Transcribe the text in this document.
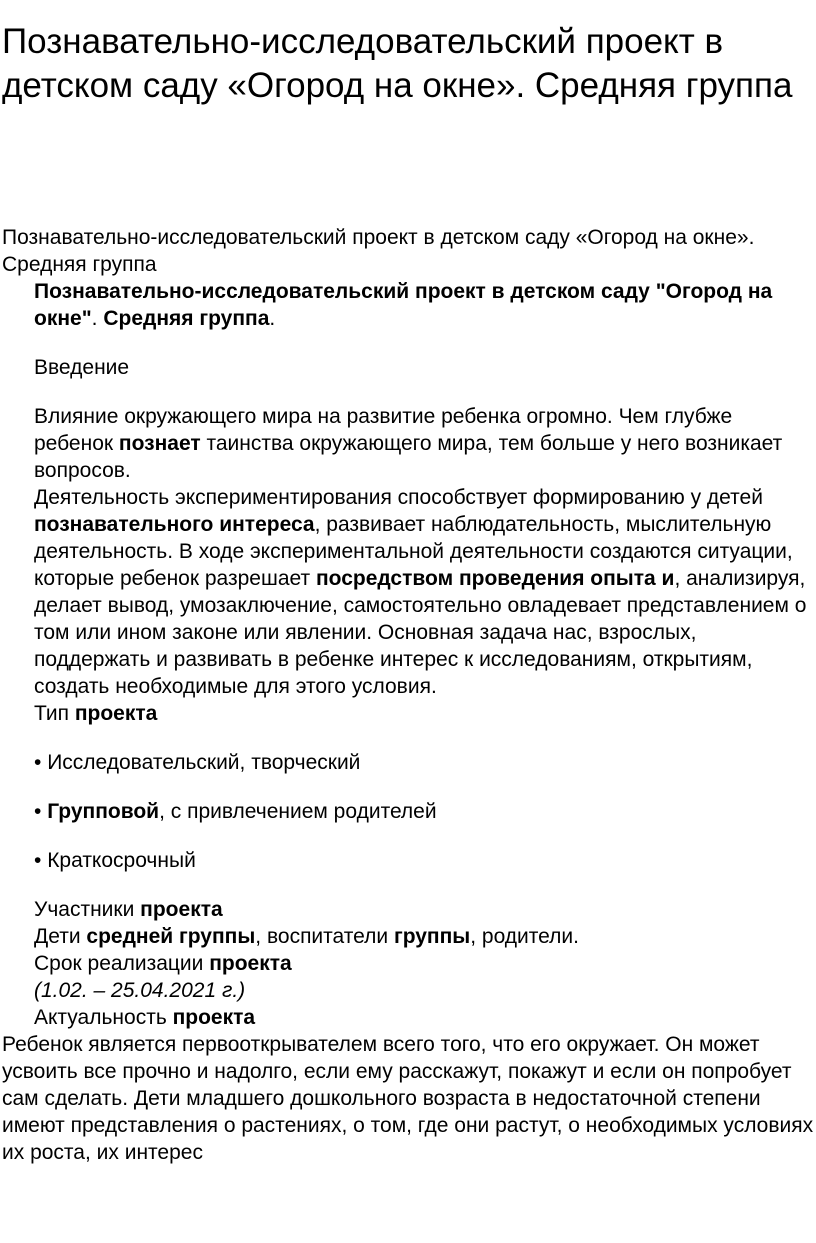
Познавательно-исследовательский проект в детском саду «Огород на окне». Средняя группа

Познавательно-исследовательский проект в детском саду «Огород на окне». Средняя группа

Познавательно-исследовательский проект в детском саду "Огород на окне". Средняя группа.

Введение

Влияние окружающего мира на развитие ребенка огромно. Чем глубже ребенок познает таинства окружающего мира, тем больше у него возникает вопросов.

Деятельность экспериментирования способствует формированию у детей познавательного интереса, развивает наблюдательность, мыслительную деятельность. В ходе экспериментальной деятельности создаются ситуации, которые ребенок разрешает посредством проведения опыта и, анализируя, делает вывод, умозаключение, самостоятельно овладевает представлением о том или ином законе или явлении. Основная задача нас, взрослых, поддержать и развивать в ребенке интерес к исследованиям, открытиям, создать необходимые для этого условия.

Тип проекта

• Исследовательский, творческий

• Групповой, с привлечением родителей

• Краткосрочный

Участники проекта

Дети средней группы, воспитатели группы, родители.

Срок реализации проекта

(1.02. – 25.04.2021 г.)

Актуальность проекта

Ребенок является первооткрывателем всего того, что его окружает. Он может усвоить все прочно и надолго, если ему расскажут, покажут и если он попробует сам сделать. Дети младшего дошкольного возраста в недостаточной степени имеют представления о растениях, о том, где они растут, о необходимых условиях их роста, их интерес
